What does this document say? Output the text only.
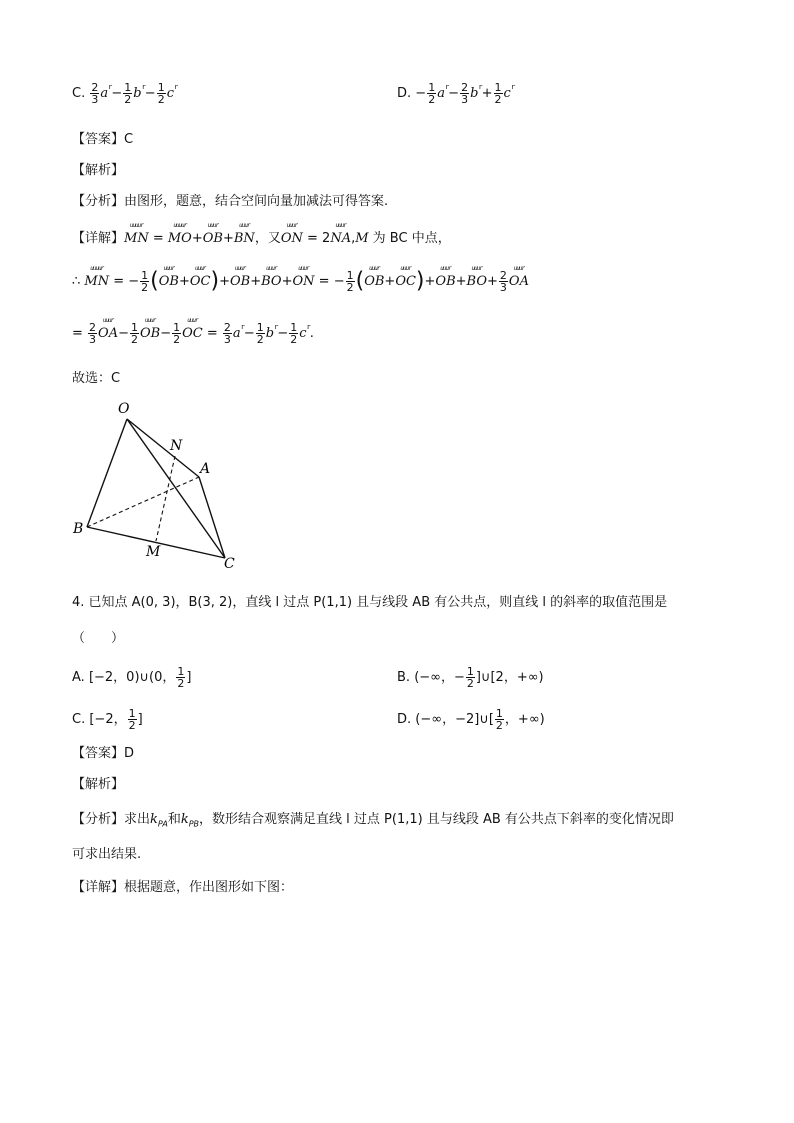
C. $\frac{2}{3} a^r- \frac{1}{2} b^r- \frac{1}{2} c^r$	D. − $\frac{1}{2} a^r- \frac{2}{3} b^r+ \frac{1}{2} c^r$
【答案】C
【解析】
【分析】由图形，题意，结合空间向量加减法可得答案.
【详解】
uuuur
MN =
uuuur
MO+
uuur
OB+
uuur
BN，又
uuur
ON = 2
uuur
NA,M 为 BC 中点，
∴
uuuur
MN = − $\frac{1}{2}$ ( uuur
OB+
uuur
OC)+
uuur
OB+
uuur
BO+
uuur
ON = − $\frac{1}{2}$ ( uuur
OB+
uuur
OC)+
uuur
OB+
uuur
$BO+ \frac{2}{3}$
uuur
OA
= $\frac{2}{3}$
uuur
$OA- \frac{1}{2}$
uuur
$OB- \frac{1}{2}$
uuur
OC = $\frac{2}{3} a^r- \frac{1}{2} b^r- \frac{1}{2} c^r$.
故选：C
O
N
A
B
M
C
4. 已知点 A(0, 3)，B(3, 2)，直线 l 过点 P(1,1) 且与线段 AB 有公共点，则直线 l 的斜率的取值范围是
（　　）
A. [−2，0)∪(0， $\frac{1}{2}$ ]	B. (−∞，− $\frac{1}{2}$ ]∪[2，+∞)
C. [−2， $\frac{1}{2}$ ]	D. (−∞，−2]∪[ $\frac{1}{2}$ ，+∞)
【答案】D
【解析】
【分析】求出$k_{PA}$和$k_{PB}$，数形结合观察满足直线 l 过点 P(1,1) 且与线段 AB 有公共点下斜率的变化情况即
可求出结果.
【详解】根据题意，作出图形如下图：
